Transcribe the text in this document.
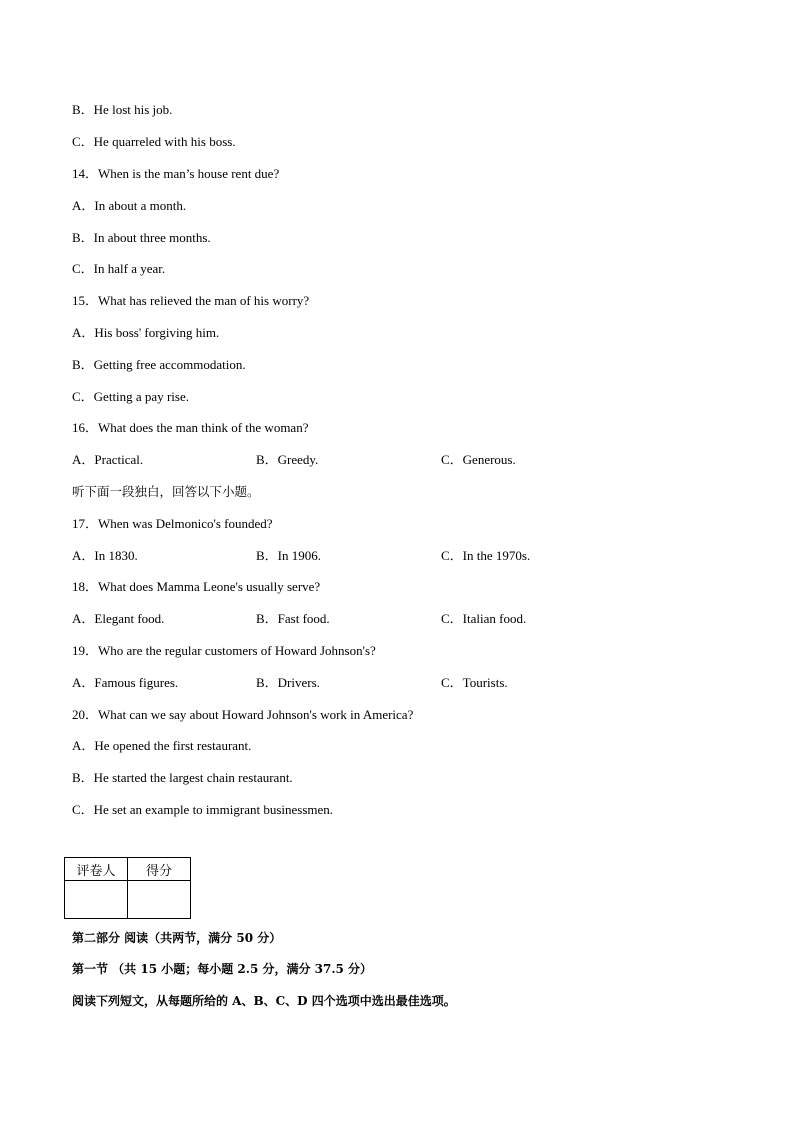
B．He lost his job.
C．He quarreled with his boss.
14．When is the man’s house rent due?
A．In about a month.
B．In about three months.
C．In half a year.
15．What has relieved the man of his worry?
A．His boss' forgiving him.
B．Getting free accommodation.
C．Getting a pay rise.
16．What does the man think of the woman?
A．Practical.	B．Greedy.	C．Generous.
听下面一段独白，回答以下小题。
17．When was Delmonico's founded?
A．In 1830.	B．In 1906.	C．In the 1970s.
18．What does Mamma Leone's usually serve?
A．Elegant food.	B．Fast food.	C．Italian food.
19．Who are the regular customers of Howard Johnson's?
A．Famous figures.	B．Drivers.	C．Tourists.
20．What can we say about Howard Johnson's work in America?
A．He opened the first restaurant.
B．He started the largest chain restaurant.
C．He set an example to immigrant businessmen.
评卷人	得分

第二部分 阅读（共两节，满分 50 分）
第一节 （共 15 小题；每小题 2.5 分，满分 37.5 分）
阅读下列短文，从每题所给的 A、B、C、D 四个选项中选出最佳选项。
